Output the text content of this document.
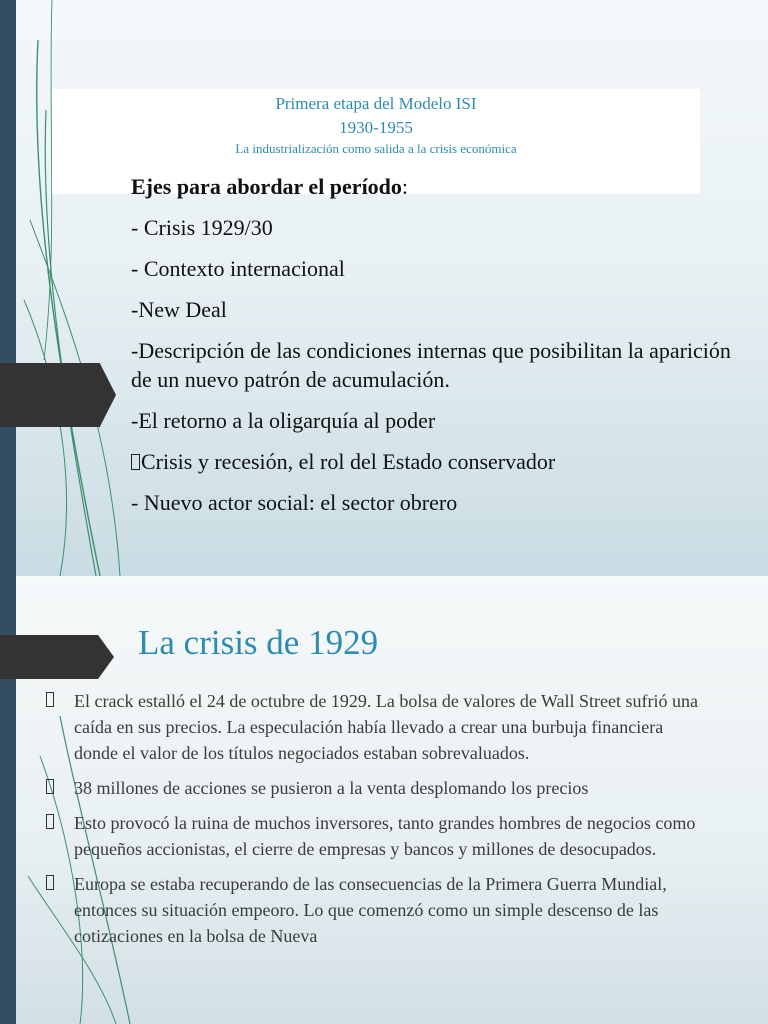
Primera etapa del Modelo ISI
1930-1955
La industrialización como salida a la crisis económica
Ejes para abordar el período:
- Crisis 1929/30
- Contexto internacional
-New Deal
-Descripción de las condiciones internas que posibilitan la aparición de un nuevo patrón de acumulación.
-El retorno a la oligarquía al poder
Crisis y recesión, el rol del Estado conservador
- Nuevo actor social: el sector obrero
La crisis de 1929
El crack estalló el 24 de octubre de 1929. La bolsa de valores de Wall Street sufrió una caída en sus precios. La especulación había llevado a crear una burbuja financiera donde el valor de los títulos negociados estaban sobrevaluados.
38 millones de acciones se pusieron a la venta desplomando los precios
Esto provocó la ruina de muchos inversores, tanto grandes hombres de negocios como pequeños accionistas, el cierre de empresas y bancos y millones de desocupados.
Europa se estaba recuperando de las consecuencias de la Primera Guerra Mundial, entonces su situación empeoro. Lo que comenzó como un simple descenso de las cotizaciones en la bolsa de Nueva
